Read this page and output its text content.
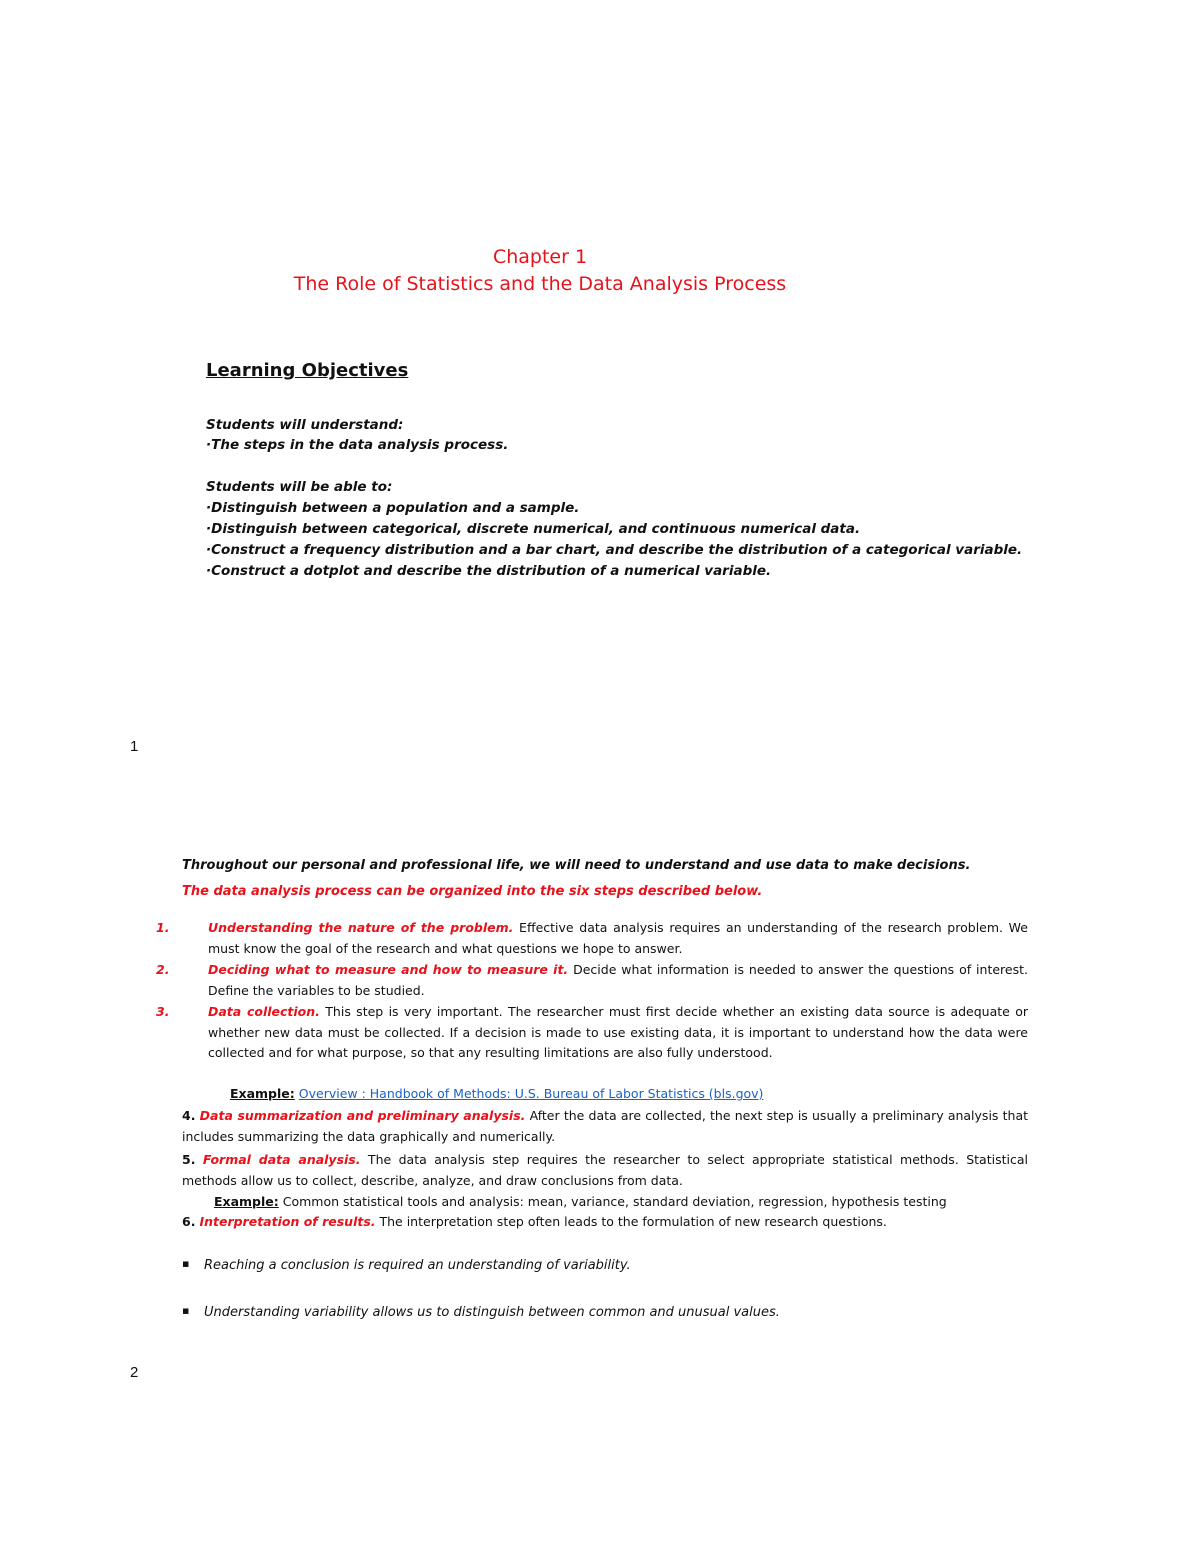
Chapter 1
The Role of Statistics and the Data Analysis Process
Learning Objectives
Students will understand:
·The steps in the data analysis process.
Students will be able to:
·Distinguish between a population and a sample.
·Distinguish between categorical, discrete numerical, and continuous numerical data.
·Construct a frequency distribution and a bar chart, and describe the distribution of a categorical variable.
·Construct a dotplot and describe the distribution of a numerical variable.
1
Throughout our personal and professional life, we will need to understand and use data to make decisions.
The data analysis process can be organized into the six steps described below.
1.	Understanding the nature of the problem. Effective data analysis requires an understanding of the research problem. We must know the goal of the research and what questions we hope to answer.
2.	Deciding what to measure and how to measure it. Decide what information is needed to answer the questions of interest. Define the variables to be studied.
3.	Data collection. This step is very important. The researcher must first decide whether an existing data source is adequate or whether new data must be collected. If a decision is made to use existing data, it is important to understand how the data were collected and for what purpose, so that any resulting limitations are also fully understood.
Example: Overview : Handbook of Methods: U.S. Bureau of Labor Statistics (bls.gov)
4. Data summarization and preliminary analysis. After the data are collected, the next step is usually a preliminary analysis that includes summarizing the data graphically and numerically.
5. Formal data analysis. The data analysis step requires the researcher to select appropriate statistical methods. Statistical methods allow us to collect, describe, analyze, and draw conclusions from data.
Example: Common statistical tools and analysis: mean, variance, standard deviation, regression, hypothesis testing
6. Interpretation of results. The interpretation step often leads to the formulation of new research questions.
▪ Reaching a conclusion is required an understanding of variability.
▪ Understanding variability allows us to distinguish between common and unusual values.
2
